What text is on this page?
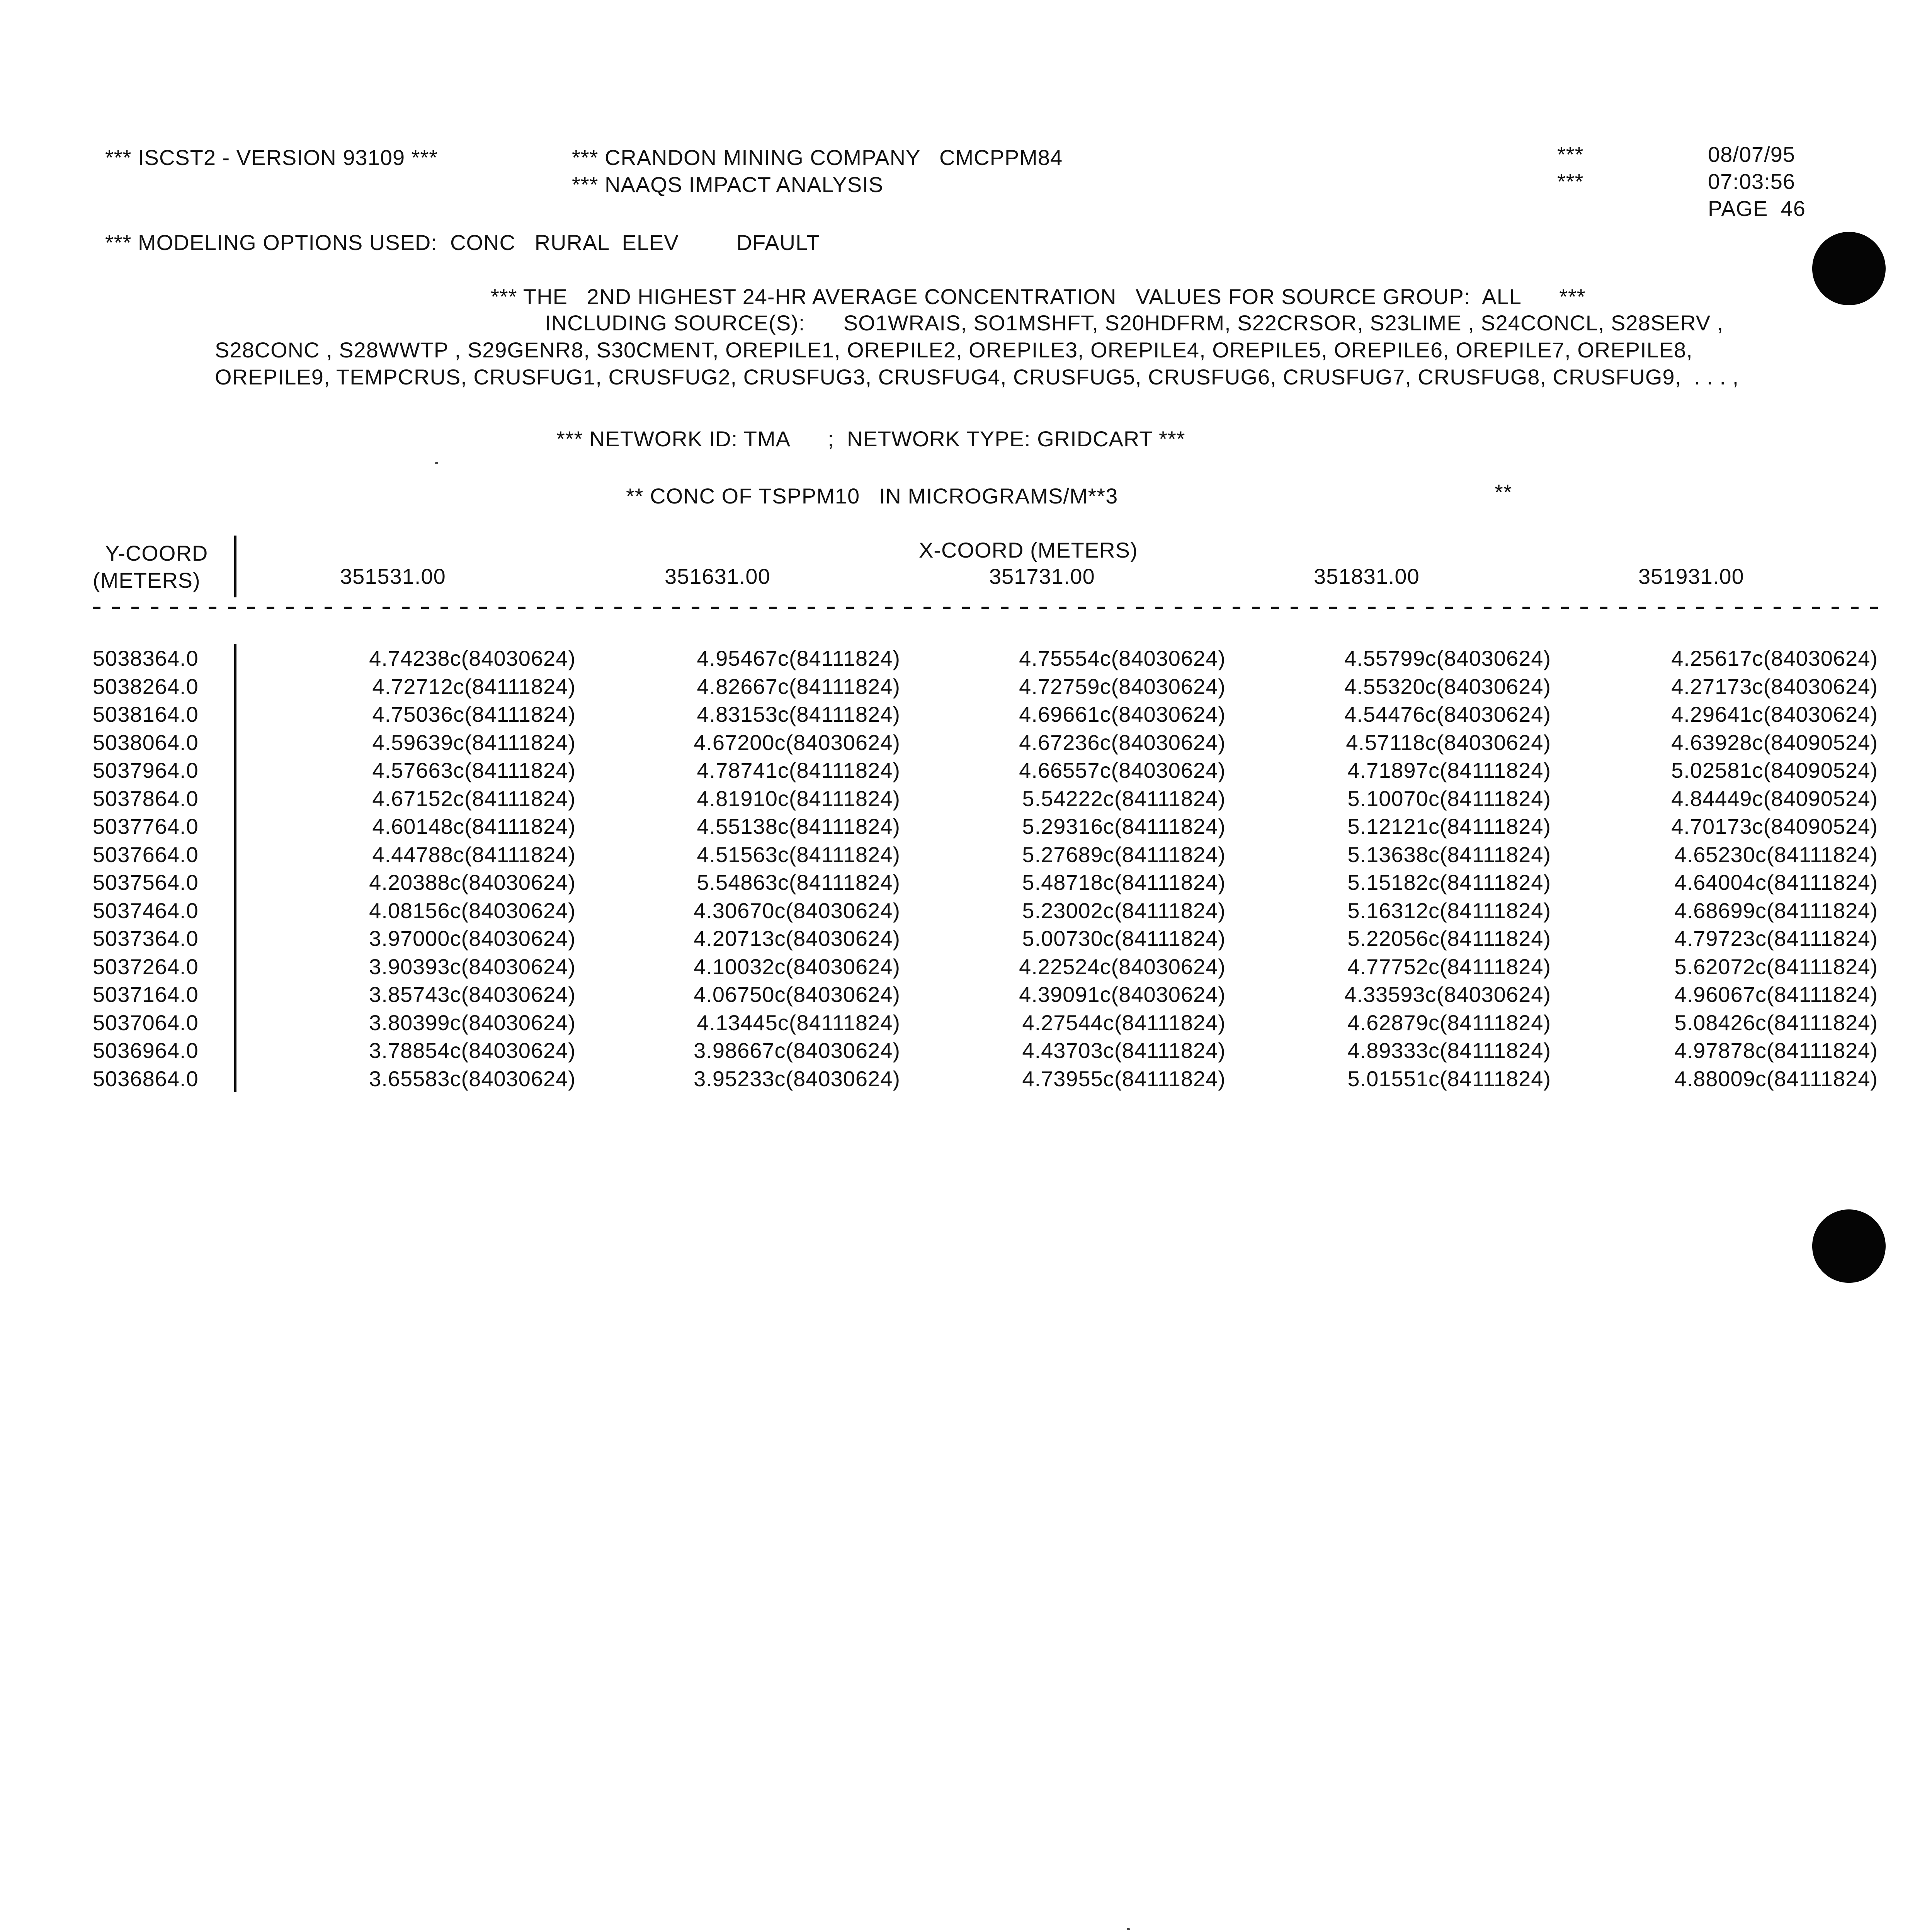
*** ISCST2 - VERSION 93109 ***	*** CRANDON MINING COMPANY   CMCPPM84
*** NAAQS IMPACT ANALYSIS
***
***
08/07/95
07:03:56
PAGE  46
*** MODELING OPTIONS USED:  CONC   RURAL  ELEV         DFAULT
*** THE   2ND HIGHEST 24-HR AVERAGE CONCENTRATION   VALUES FOR SOURCE GROUP:  ALL      ***
INCLUDING SOURCE(S):      SO1WRAIS, SO1MSHFT, S20HDFRM, S22CRSOR, S23LIME , S24CONCL, S28SERV ,
S28CONC , S28WWTP , S29GENR8, S30CMENT, OREPILE1, OREPILE2, OREPILE3, OREPILE4, OREPILE5, OREPILE6, OREPILE7, OREPILE8,
OREPILE9, TEMPCRUS, CRUSFUG1, CRUSFUG2, CRUSFUG3, CRUSFUG4, CRUSFUG5, CRUSFUG6, CRUSFUG7, CRUSFUG8, CRUSFUG9,  . . . ,
*** NETWORK ID: TMA      ;  NETWORK TYPE: GRIDCART ***
** CONC OF TSPPM10   IN MICROGRAMS/M**3	**
Y-COORD
(METERS)
X-COORD (METERS)
351531.00	351631.00	351731.00	351831.00	351931.00
5038364.0	4.74238c(84030624)	4.95467c(84111824)	4.75554c(84030624)	4.55799c(84030624)	4.25617c(84030624)
5038264.0	4.72712c(84111824)	4.82667c(84111824)	4.72759c(84030624)	4.55320c(84030624)	4.27173c(84030624)
5038164.0	4.75036c(84111824)	4.83153c(84111824)	4.69661c(84030624)	4.54476c(84030624)	4.29641c(84030624)
5038064.0	4.59639c(84111824)	4.67200c(84030624)	4.67236c(84030624)	4.57118c(84030624)	4.63928c(84090524)
5037964.0	4.57663c(84111824)	4.78741c(84111824)	4.66557c(84030624)	4.71897c(84111824)	5.02581c(84090524)
5037864.0	4.67152c(84111824)	4.81910c(84111824)	5.54222c(84111824)	5.10070c(84111824)	4.84449c(84090524)
5037764.0	4.60148c(84111824)	4.55138c(84111824)	5.29316c(84111824)	5.12121c(84111824)	4.70173c(84090524)
5037664.0	4.44788c(84111824)	4.51563c(84111824)	5.27689c(84111824)	5.13638c(84111824)	4.65230c(84111824)
5037564.0	4.20388c(84030624)	5.54863c(84111824)	5.48718c(84111824)	5.15182c(84111824)	4.64004c(84111824)
5037464.0	4.08156c(84030624)	4.30670c(84030624)	5.23002c(84111824)	5.16312c(84111824)	4.68699c(84111824)
5037364.0	3.97000c(84030624)	4.20713c(84030624)	5.00730c(84111824)	5.22056c(84111824)	4.79723c(84111824)
5037264.0	3.90393c(84030624)	4.10032c(84030624)	4.22524c(84030624)	4.77752c(84111824)	5.62072c(84111824)
5037164.0	3.85743c(84030624)	4.06750c(84030624)	4.39091c(84030624)	4.33593c(84030624)	4.96067c(84111824)
5037064.0	3.80399c(84030624)	4.13445c(84111824)	4.27544c(84111824)	4.62879c(84111824)	5.08426c(84111824)
5036964.0	3.78854c(84030624)	3.98667c(84030624)	4.43703c(84111824)	4.89333c(84111824)	4.97878c(84111824)
5036864.0	3.65583c(84030624)	3.95233c(84030624)	4.73955c(84111824)	5.01551c(84111824)	4.88009c(84111824)
